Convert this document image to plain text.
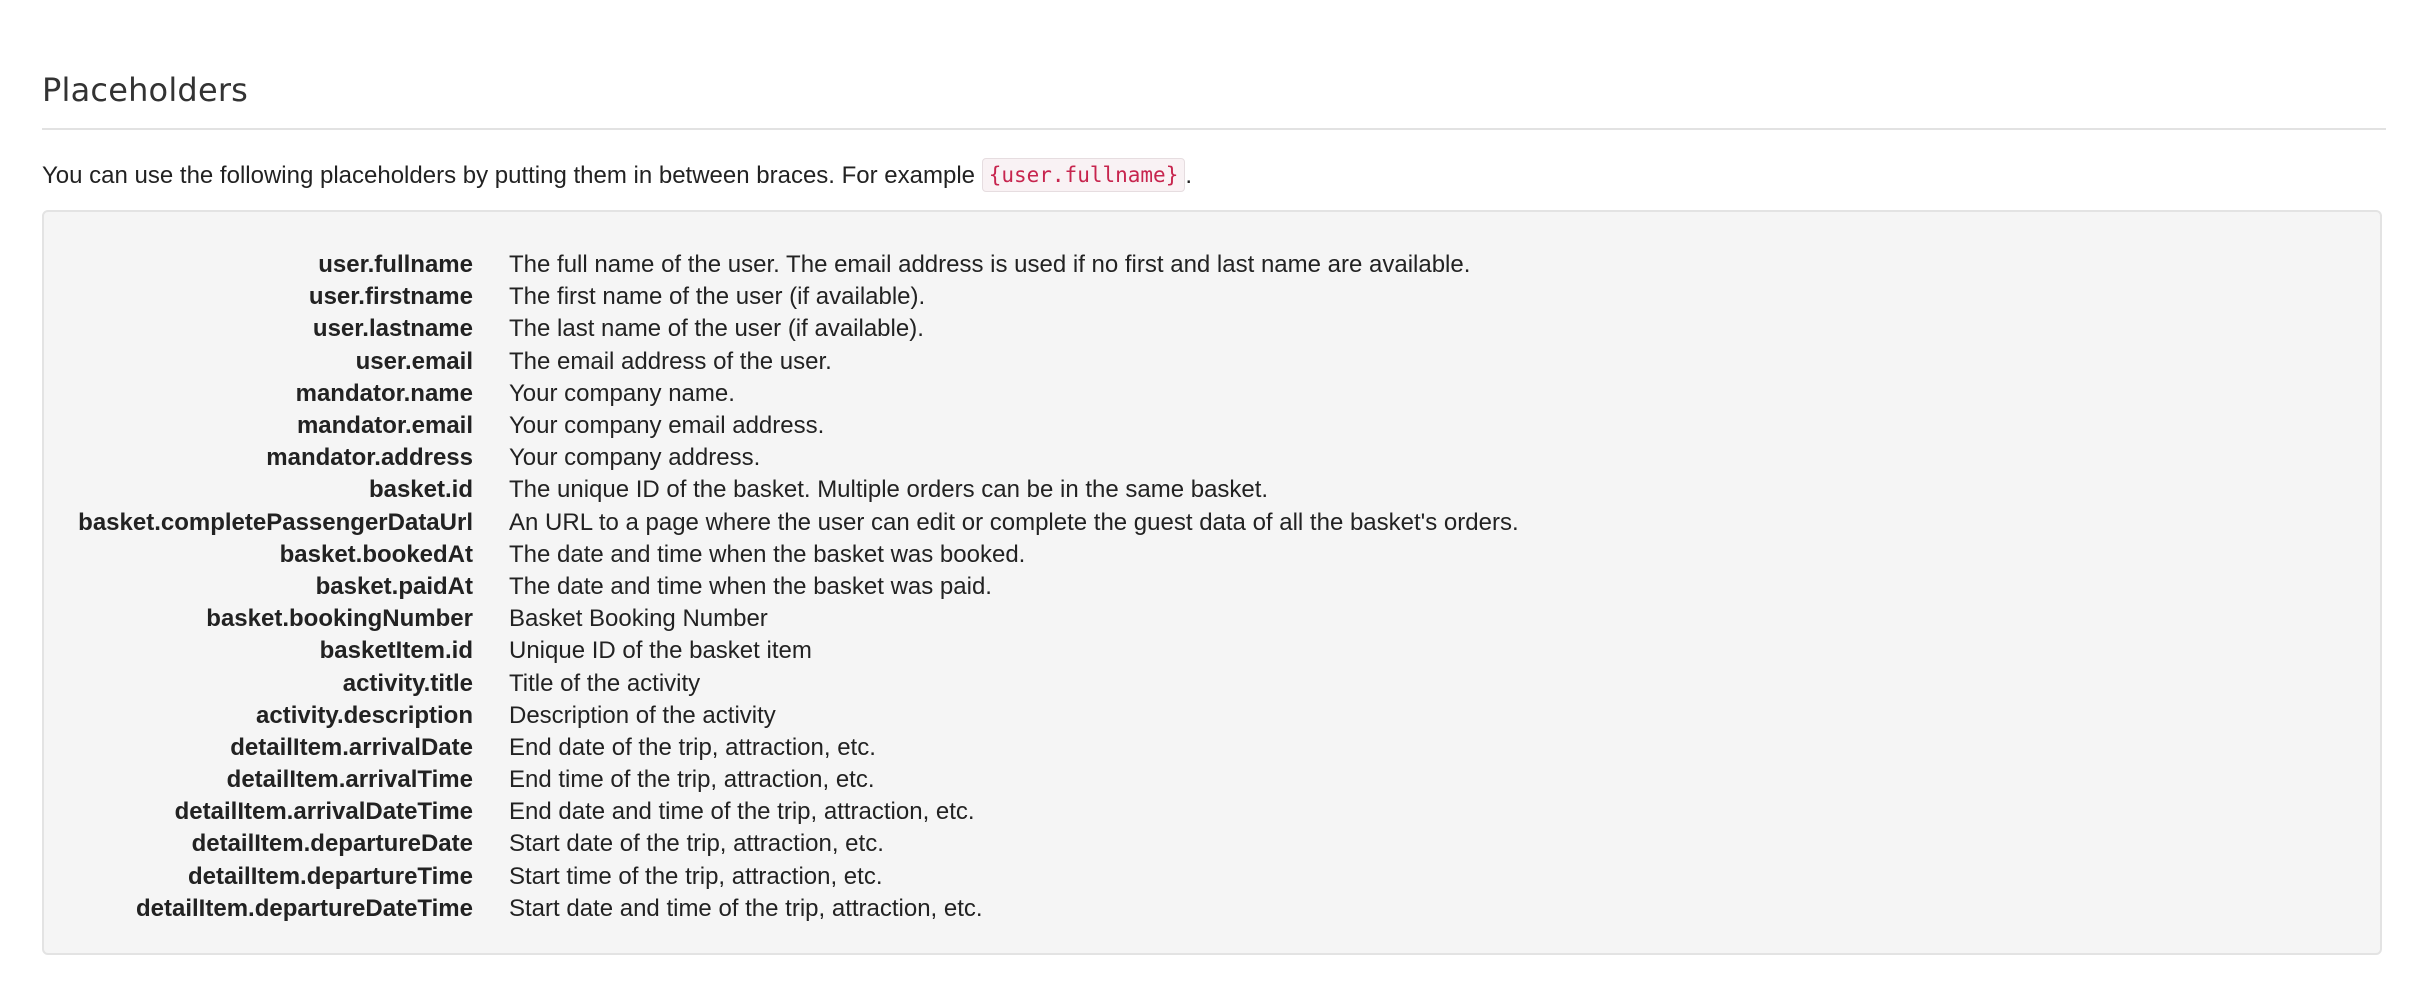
Placeholders

You can use the following placeholders by putting them in between braces. For example {user.fullname} .

user.fullname The full name of the user. The email address is used if no first and last name are available.
user.firstname The first name of the user (if available).
user.lastname The last name of the user (if available).
user.email The email address of the user.
mandator.name Your company name.
mandator.email Your company email address.
mandator.address Your company address.
basket.id The unique ID of the basket. Multiple orders can be in the same basket.
basket.completePassengerDataUrl An URL to a page where the user can edit or complete the guest data of all the basket's orders.
basket.bookedAt The date and time when the basket was booked.
basket.paidAt The date and time when the basket was paid.
basket.bookingNumber Basket Booking Number
basketItem.id Unique ID of the basket item
activity.title Title of the activity
activity.description Description of the activity
detailItem.arrivalDate End date of the trip, attraction, etc.
detailItem.arrivalTime End time of the trip, attraction, etc.
detailItem.arrivalDateTime End date and time of the trip, attraction, etc.
detailItem.departureDate Start date of the trip, attraction, etc.
detailItem.departureTime Start time of the trip, attraction, etc.
detailItem.departureDateTime Start date and time of the trip, attraction, etc.
